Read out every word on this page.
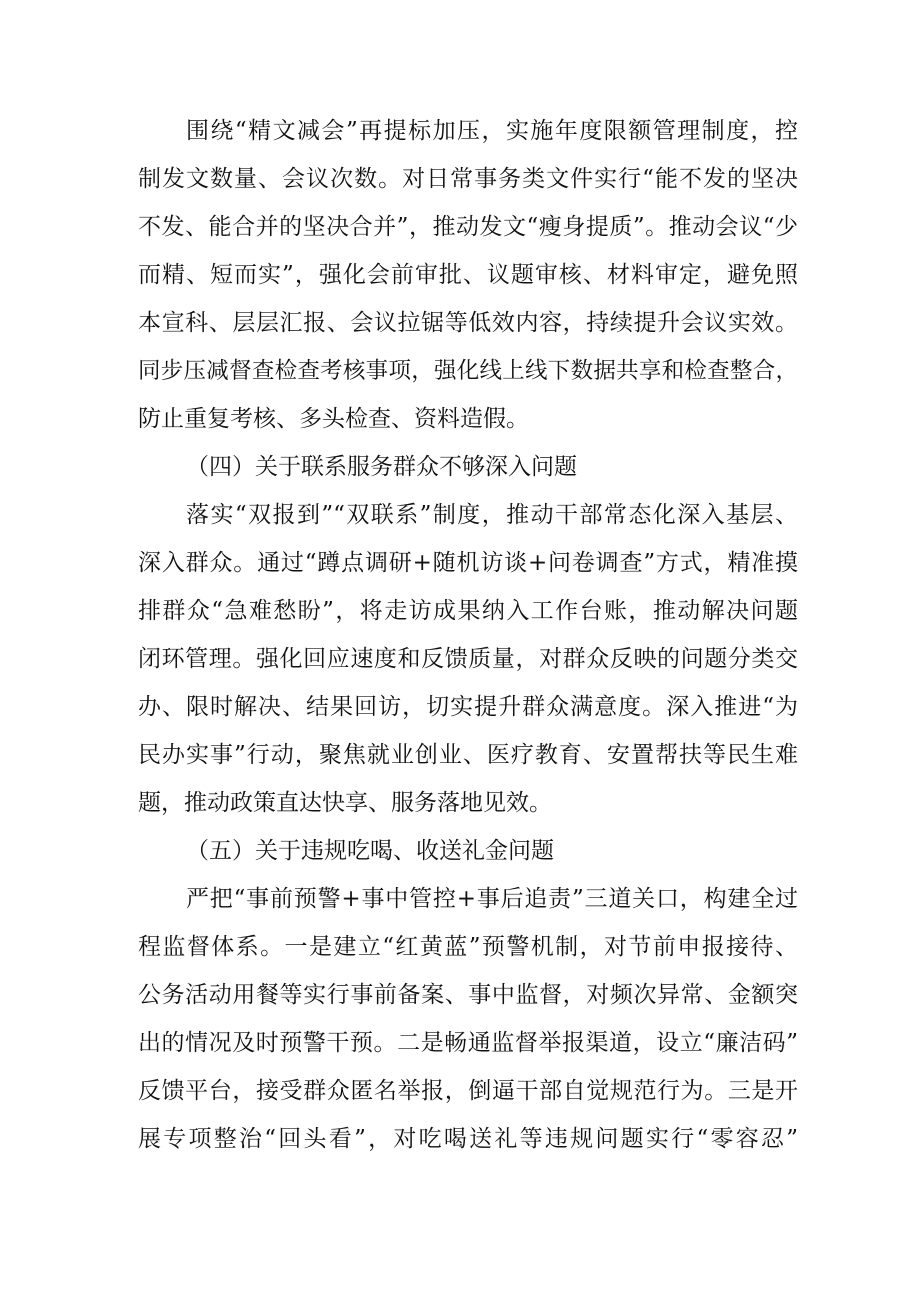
围绕“精文减会”再提标加压，实施年度限额管理制度，控
制发文数量、会议次数。对日常事务类文件实行“能不发的坚决
不发、能合并的坚决合并”，推动发文“瘦身提质”。推动会议“少
而精、短而实”，强化会前审批、议题审核、材料审定，避免照
本宣科、层层汇报、会议拉锯等低效内容，持续提升会议实效。
同步压减督查检查考核事项，强化线上线下数据共享和检查整合，
防止重复考核、多头检查、资料造假。
（四）关于联系服务群众不够深入问题
落实“双报到”“双联系”制度，推动干部常态化深入基层、
深入群众。通过“蹲点调研+随机访谈+问卷调查”方式，精准摸
排群众“急难愁盼”，将走访成果纳入工作台账，推动解决问题
闭环管理。强化回应速度和反馈质量，对群众反映的问题分类交
办、限时解决、结果回访，切实提升群众满意度。深入推进“为
民办实事”行动，聚焦就业创业、医疗教育、安置帮扶等民生难
题，推动政策直达快享、服务落地见效。
（五）关于违规吃喝、收送礼金问题
严把“事前预警+事中管控+事后追责”三道关口，构建全过
程监督体系。一是建立“红黄蓝”预警机制，对节前申报接待、
公务活动用餐等实行事前备案、事中监督，对频次异常、金额突
出的情况及时预警干预。二是畅通监督举报渠道，设立“廉洁码”
反馈平台，接受群众匿名举报，倒逼干部自觉规范行为。三是开
展专项整治“回头看”，对吃喝送礼等违规问题实行“零容忍”
